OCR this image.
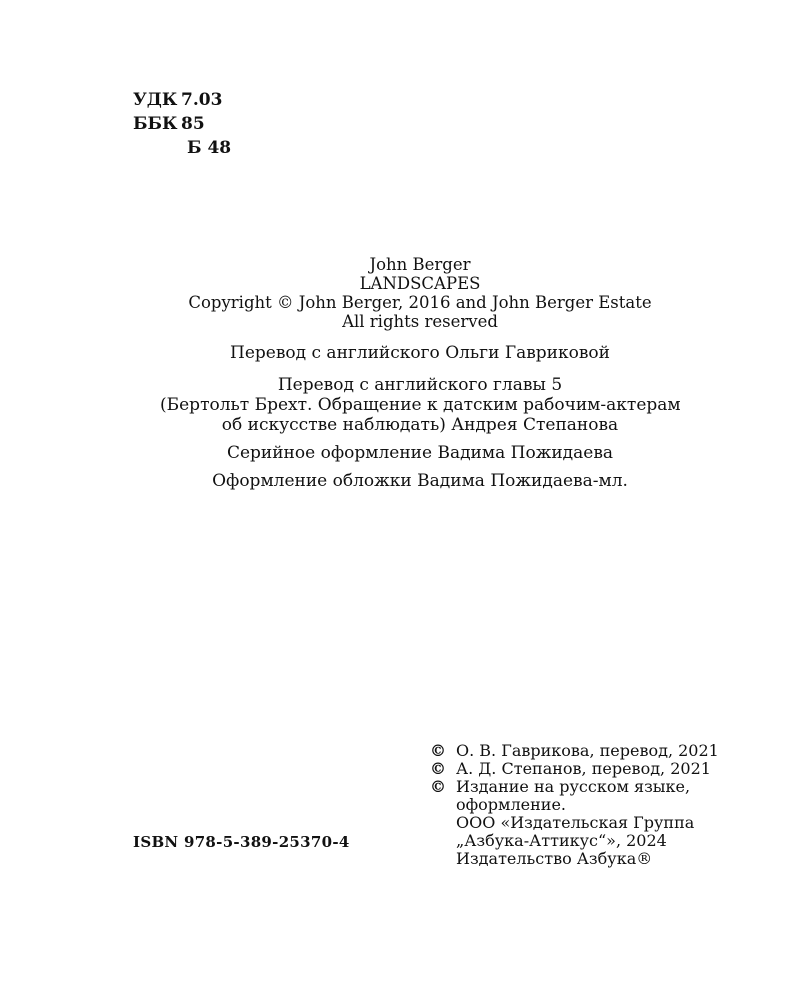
УДК 7.03
ББК 85
Б 48
John Berger
LANDSCAPES
Copyright © John Berger, 2016 and John Berger Estate
All rights reserved
Перевод с английского Ольги Гавриковой
Перевод с английского главы 5
(Бертольт Брехт. Обращение к датским рабочим-актерам
об искусстве наблюдать) Андрея Степанова
Серийное оформление Вадима Пожидаева
Оформление обложки Вадима Пожидаева-мл.
© О. В. Гаврикова, перевод, 2021
© А. Д. Степанов, перевод, 2021
© Издание на русском языке,
оформление.
ООО «Издательская Группа
„Азбука-Аттикус“», 2024
Издательство Азбука®
ISBN 978-5-389-25370-4
